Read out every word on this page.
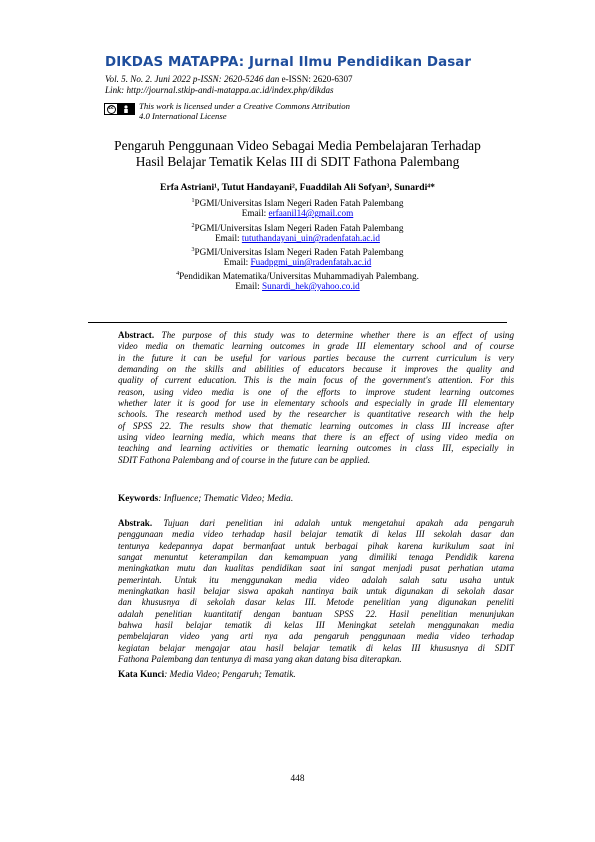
DIKDAS MATAPPA: Jurnal Ilmu Pendidikan Dasar
Vol. 5. No. 2. Juni 2022 p-ISSN: 2620-5246 dan e-ISSN: 2620-6307
Link: http://journal.stkip-andi-matappa.ac.id/index.php/dikdas
cc	This work is licensed under a Creative Commons Attribution
4.0 International License
Pengaruh Penggunaan Video Sebagai Media Pembelajaran Terhadap
Hasil Belajar Tematik Kelas III di SDIT Fathona Palembang
Erfa Astriani¹, Tutut Handayani², Fuaddilah Ali Sofyan³, Sunardi⁴*
$^1$PGMI/Universitas Islam Negeri Raden Fatah Palembang
Email: erfaanil14@gmail.com
$^2$PGMI/Universitas Islam Negeri Raden Fatah Palembang
Email: tututhandayani_uin@radenfatah.ac.id
$^3$PGMI/Universitas Islam Negeri Raden Fatah Palembang
Email: Fuadpgmi_uin@radenfatah.ac.id
$^4$Pendidikan Matematika/Universitas Muhammadiyah Palembang.
Email: Sunardi_hek@yahoo.co.id
Abstract. The purpose of this study was to determine whether there is an effect of using
video media on thematic learning outcomes in grade III elementary school and of course
in the future it can be useful for various parties because the current curriculum is very
demanding on the skills and abilities of educators because it improves the quality and
quality of current education. This is the main focus of the government's attention. For this
reason, using video media is one of the efforts to improve student learning outcomes
whether later it is good for use in elementary schools and especially in grade III elementary
schools. The research method used by the researcher is quantitative research with the help
of SPSS 22. The results show that thematic learning outcomes in class III increase after
using video learning media, which means that there is an effect of using video media on
teaching and learning activities or thematic learning outcomes in class III, especially in
SDIT Fathona Palembang and of course in the future can be applied.
Keywords: Influence; Thematic Video; Media.
Abstrak. Tujuan dari penelitian ini adalah untuk mengetahui apakah ada pengaruh
penggunaan media video terhadap hasil belajar tematik di kelas III sekolah dasar dan
tentunya kedepannya dapat bermanfaat untuk berbagai pihak karena kurikulum saat ini
sangat menuntut keterampilan dan kemampuan yang dimiliki tenaga Pendidik karena
meningkatkan mutu dan kualitas pendidikan saat ini sangat menjadi pusat perhatian utama
pemerintah. Untuk itu menggunakan media video adalah salah satu usaha untuk
meningkatkan hasil belajar siswa apakah nantinya baik untuk digunakan di sekolah dasar
dan khususnya di sekolah dasar kelas III. Metode penelitian yang digunakan peneliti
adalah penelitian kuantitatif dengan bantuan SPSS 22. Hasil penelitian menunjukan
bahwa hasil belajar tematik di kelas III Meningkat setelah menggunakan media
pembelajaran video yang arti nya ada pengaruh penggunaan media video terhadap
kegiatan belajar mengajar atau hasil belajar tematik di kelas III khususnya di SDIT
Fathona Palembang dan tentunya di masa yang akan datang bisa diterapkan.
Kata Kunci: Media Video; Pengaruh; Tematik.
448
